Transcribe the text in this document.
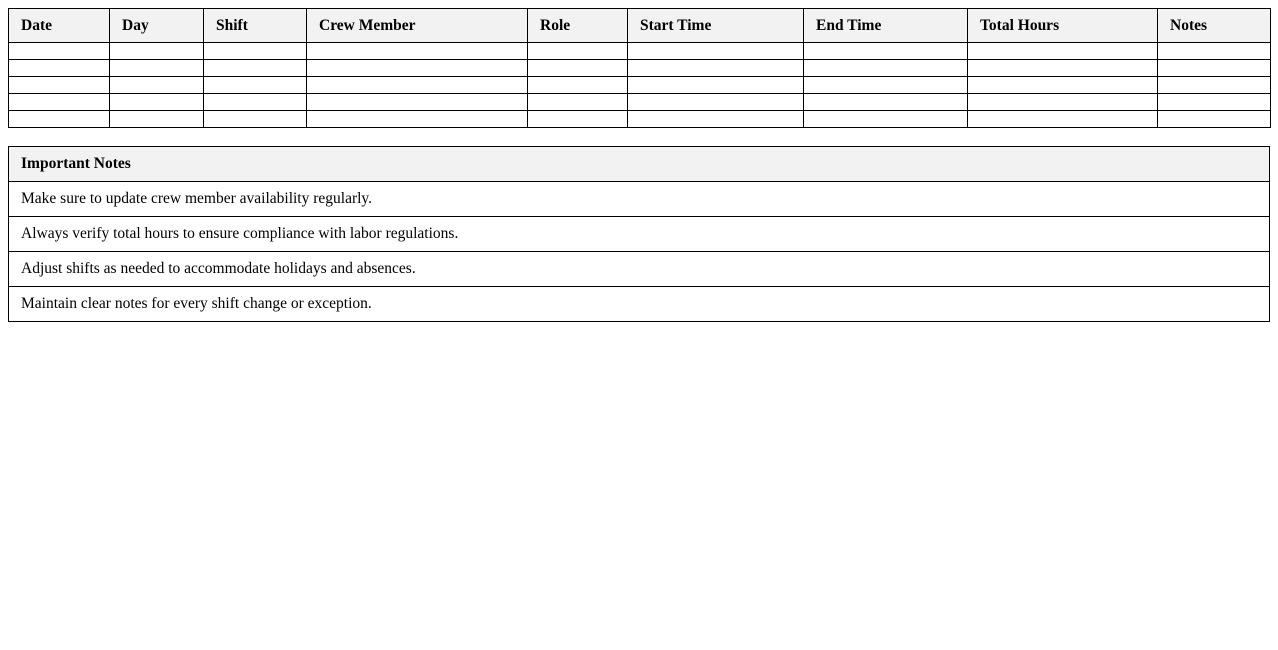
Date	Day	Shift	Crew Member	Role	Start Time	End Time	Total Hours	Notes

Important Notes
Make sure to update crew member availability regularly.
Always verify total hours to ensure compliance with labor regulations.
Adjust shifts as needed to accommodate holidays and absences.
Maintain clear notes for every shift change or exception.
